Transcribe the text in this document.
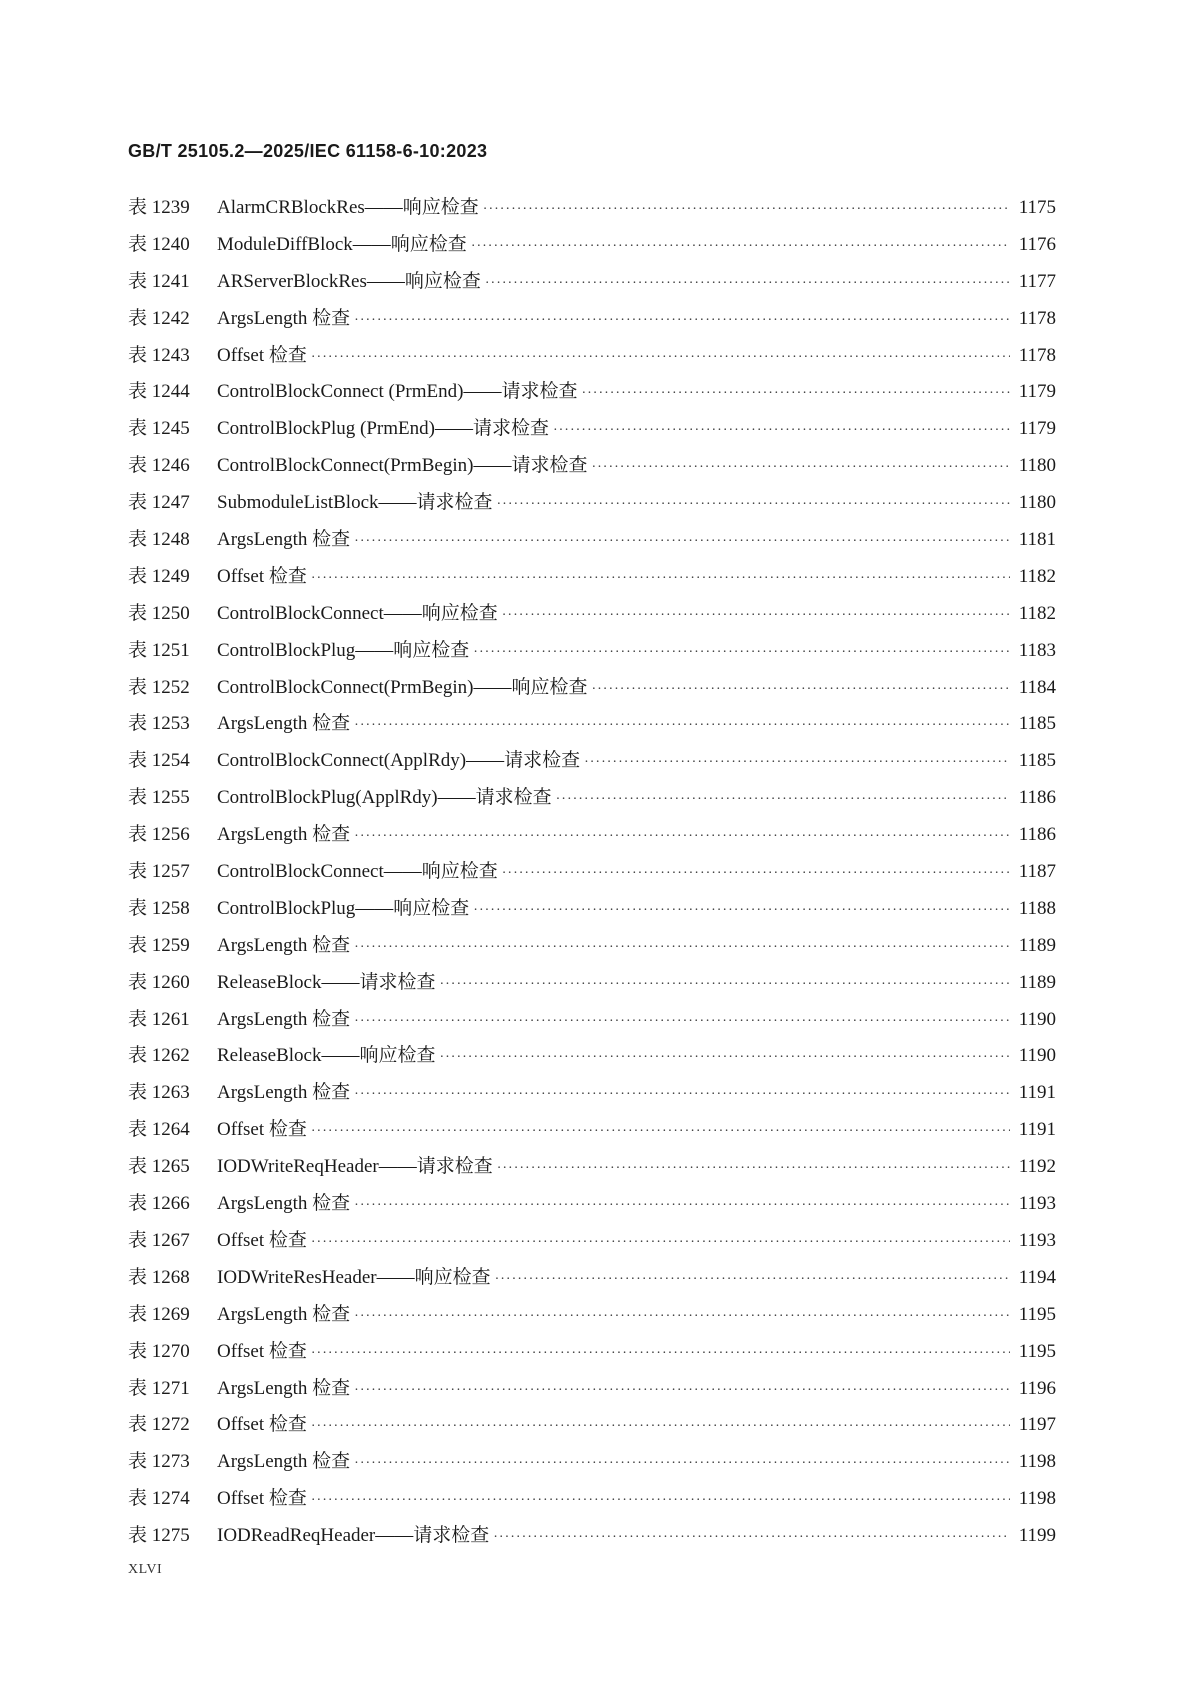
GB/T 25105.2—2025/IEC 61158-6-10:2023
表 1239	AlarmCRBlockRes——响应检查 ·····	1175
表 1240	ModuleDiffBlock——响应检查 ·····	1176
表 1241	ARServerBlockRes——响应检查 ·····	1177
表 1242	ArgsLength 检查 ·····	1178
表 1243	Offset 检查 ·····	1178
表 1244	ControlBlockConnect (PrmEnd)——请求检查 ·····	1179
表 1245	ControlBlockPlug (PrmEnd)——请求检查 ·····	1179
表 1246	ControlBlockConnect(PrmBegin)——请求检查 ·····	1180
表 1247	SubmoduleListBlock——请求检查 ·····	1180
表 1248	ArgsLength 检查 ·····	1181
表 1249	Offset 检查 ·····	1182
表 1250	ControlBlockConnect——响应检查 ·····	1182
表 1251	ControlBlockPlug——响应检查 ·····	1183
表 1252	ControlBlockConnect(PrmBegin)——响应检查 ·····	1184
表 1253	ArgsLength 检查 ·····	1185
表 1254	ControlBlockConnect(ApplRdy)——请求检查 ·····	1185
表 1255	ControlBlockPlug(ApplRdy)——请求检查 ·····	1186
表 1256	ArgsLength 检查 ·····	1186
表 1257	ControlBlockConnect——响应检查 ·····	1187
表 1258	ControlBlockPlug——响应检查 ·····	1188
表 1259	ArgsLength 检查 ·····	1189
表 1260	ReleaseBlock——请求检查 ·····	1189
表 1261	ArgsLength 检查 ·····	1190
表 1262	ReleaseBlock——响应检查 ·····	1190
表 1263	ArgsLength 检查 ·····	1191
表 1264	Offset 检查 ·····	1191
表 1265	IODWriteReqHeader——请求检查 ·····	1192
表 1266	ArgsLength 检查 ·····	1193
表 1267	Offset 检查 ·····	1193
表 1268	IODWriteResHeader——响应检查 ·····	1194
表 1269	ArgsLength 检查 ·····	1195
表 1270	Offset 检查 ·····	1195
表 1271	ArgsLength 检查 ·····	1196
表 1272	Offset 检查 ·····	1197
表 1273	ArgsLength 检查 ·····	1198
表 1274	Offset 检查 ·····	1198
表 1275	IODReadReqHeader——请求检查 ·····	1199
XLVI
